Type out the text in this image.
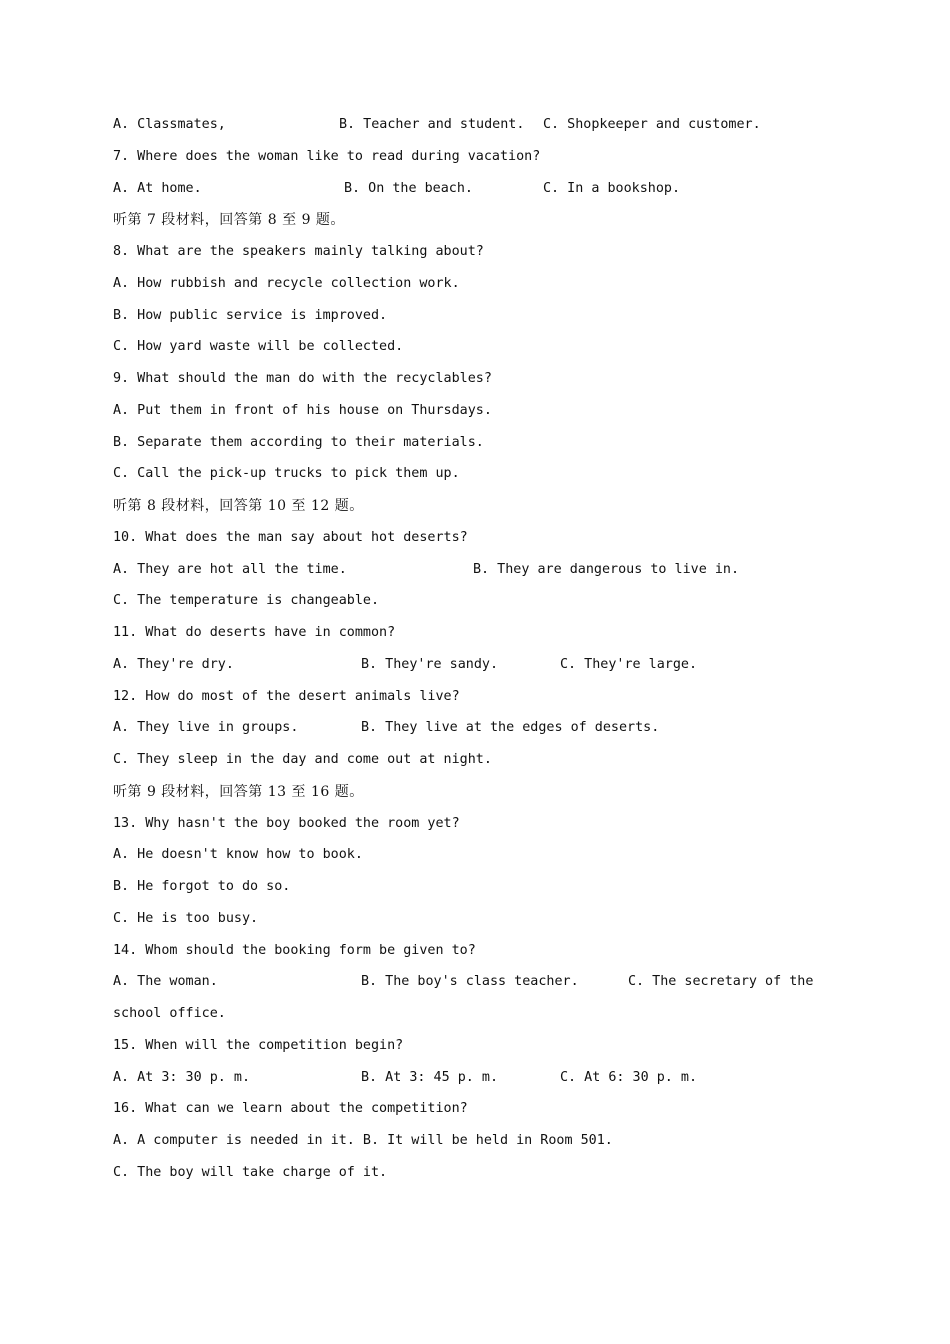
A. Classmates,	B. Teacher and student. C. Shopkeeper and customer.
7. Where does the woman like to read during vacation?
A. At home.	B. On the beach.	C. In a bookshop.
听第 7 段材料，回答第 8 至 9 题。
8. What are the speakers mainly talking about?
A. How rubbish and recycle collection work.
B. How public service is improved.
C. How yard waste will be collected.
9. What should the man do with the recyclables?
A. Put them in front of his house on Thursdays.
B. Separate them according to their materials.
C. Call the pick-up trucks to pick them up.
听第 8 段材料，回答第 10 至 12 题。
10. What does the man say about hot deserts?
A. They are hot all the time.	B. They are dangerous to live in.
C. The temperature is changeable.
11. What do deserts have in common?
A. They're dry.	B. They're sandy.	C. They're large.
12. How do most of the desert animals live?
A. They live in groups.	B. They live at the edges of deserts.
C. They sleep in the day and come out at night.
听第 9 段材料，回答第 13 至 16 题。
13. Why hasn't the boy booked the room yet?
A. He doesn't know how to book.
B. He forgot to do so.
C. He is too busy.
14. Whom should the booking form be given to?
A. The woman.	B. The boy's class teacher.	C. The secretary of the
school office.
15. When will the competition begin?
A. At 3: 30 p. m.	B. At 3: 45 p. m.	C. At 6: 30 p. m.
16. What can we learn about the competition?
A. A computer is needed in it. B. It will be held in Room 501.
C. The boy will take charge of it.
